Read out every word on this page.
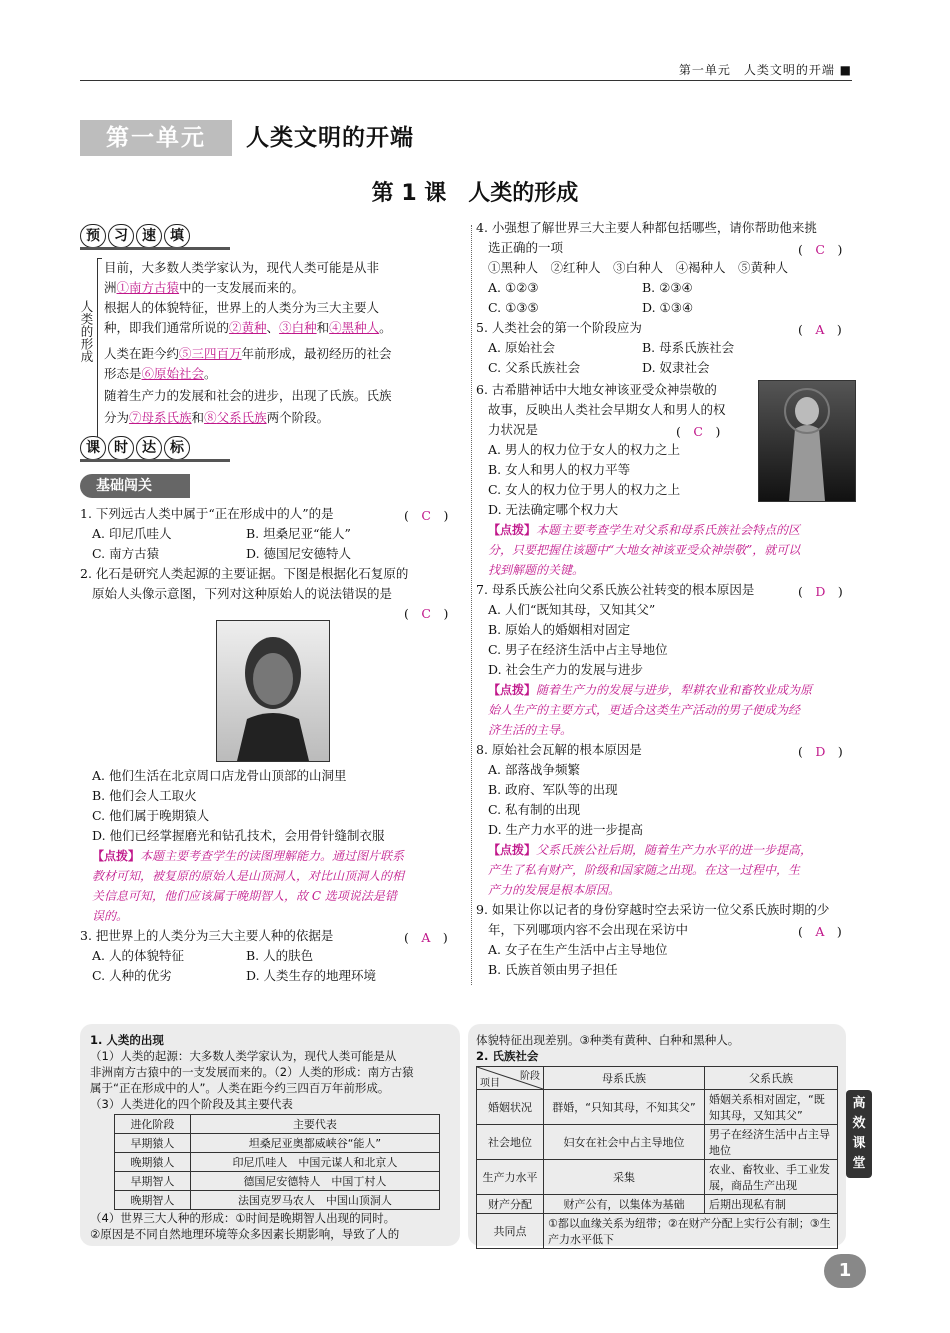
第一单元　人类文明的开端 ■
第一单元	人类文明的开端
第 1 课　人类的形成
预 习 速 填
人类的形成
目前，大多数人类学家认为，现代人类可能是从非
洲①南方古猿中的一支发展而来的。
根据人的体貌特征，世界上的人类分为三大主要人
种，即我们通常所说的②黄种、③白种和④黑种人。
人类在距今约⑤三四百万年前形成，最初经历的社会
形态是⑥原始社会。
随着生产力的发展和社会的进步，出现了氏族。氏族
分为⑦母系氏族和⑧父系氏族两个阶段。
课 时 达 标
基础闯关
1. 下列远古人类中属于“正在形成中的人”的是	(　C　)
A. 印尼爪哇人	B. 坦桑尼亚“能人”
C. 南方古猿	D. 德国尼安德特人
2. 化石是研究人类起源的主要证据。下图是根据化石复原的
原始人头像示意图，下列对这种原始人的说法错误的是
(　C　)
A. 他们生活在北京周口店龙骨山顶部的山洞里
B. 他们会人工取火
C. 他们属于晚期猿人
D. 他们已经掌握磨光和钻孔技术，会用骨针缝制衣服
【点拨】本题主要考查学生的读图理解能力。通过图片联系
教材可知，被复原的原始人是山顶洞人，对比山顶洞人的相
关信息可知，他们应该属于晚期智人，故 C 选项说法是错
误的。
3. 把世界上的人类分为三大主要人种的依据是	(　A　)
A. 人的体貌特征	B. 人的肤色
C. 人种的优劣	D. 人类生存的地理环境
4. 小强想了解世界三大主要人种都包括哪些，请你帮助他来挑
选正确的一项	(　C　)
①黑种人　②红种人　③白种人　④褐种人　⑤黄种人
A. ①②③	B. ②③④
C. ①③⑤	D. ①③④
5. 人类社会的第一个阶段应为	(　A　)
A. 原始社会	B. 母系氏族社会
C. 父系氏族社会	D. 奴隶社会
6. 古希腊神话中大地女神该亚受众神崇敬的
故事，反映出人类社会早期女人和男人的权
力状况是	(　C　)
A. 男人的权力位于女人的权力之上
B. 女人和男人的权力平等
C. 女人的权力位于男人的权力之上
D. 无法确定哪个权力大
【点拨】本题主要考查学生对父系和母系氏族社会特点的区
分，只要把握住该题中“大地女神该亚受众神崇敬”，就可以
找到解题的关键。
7. 母系氏族公社向父系氏族公社转变的根本原因是	(　D　)
A. 人们“既知其母，又知其父”
B. 原始人的婚姻相对固定
C. 男子在经济生活中占主导地位
D. 社会生产力的发展与进步
【点拨】随着生产力的发展与进步，犁耕农业和畜牧业成为原
始人生产的主要方式，更适合这类生产活动的男子便成为经
济生活的主导。
8. 原始社会瓦解的根本原因是	(　D　)
A. 部落战争频繁
B. 政府、军队等的出现
C. 私有制的出现
D. 生产力水平的进一步提高
【点拨】父系氏族公社后期，随着生产力水平的进一步提高，
产生了私有财产，阶级和国家随之出现。在这一过程中，生
产力的发展是根本原因。
9. 如果让你以记者的身份穿越时空去采访一位父系氏族时期的少
年，下列哪项内容不会出现在采访中	(　A　)
A. 女子在生产生活中占主导地位
B. 氏族首领由男子担任
1. 人类的出现
（1）人类的起源：大多数人类学家认为，现代人类可能是从
非洲南方古猿中的一支发展而来的。（2）人类的形成：南方古猿
属于“正在形成中的人”。人类在距今约三四百万年前形成。
（3）人类进化的四个阶段及其主要代表
进化阶段	主要代表
早期猿人	坦桑尼亚奥都威峡谷“能人”
晚期猿人	印尼爪哇人　中国元谋人和北京人
早期智人	德国尼安德特人　中国丁村人
晚期智人	法国克罗马农人　中国山顶洞人
（4）世界三大人种的形成：①时间是晚期智人出现的同时。
②原因是不同自然地理环境等众多因素长期影响，导致了人的
体貌特征出现差别。③种类有黄种、白种和黑种人。
2. 氏族社会
阶段
项目	母系氏族	父系氏族
婚姻状况	群婚，“只知其母，不知其父”	婚姻关系相对固定，“既知其母，又知其父”
社会地位	妇女在社会中占主导地位	男子在经济生活中占主导地位
生产力水平	采集	农业、畜牧业、手工业发展，商品生产出现
财产分配	财产公有，以集体为基础	后期出现私有制
共同点	①都以血缘关系为纽带；②在财产分配上实行公有制；③生产力水平低下	
高
效
课
堂
1
